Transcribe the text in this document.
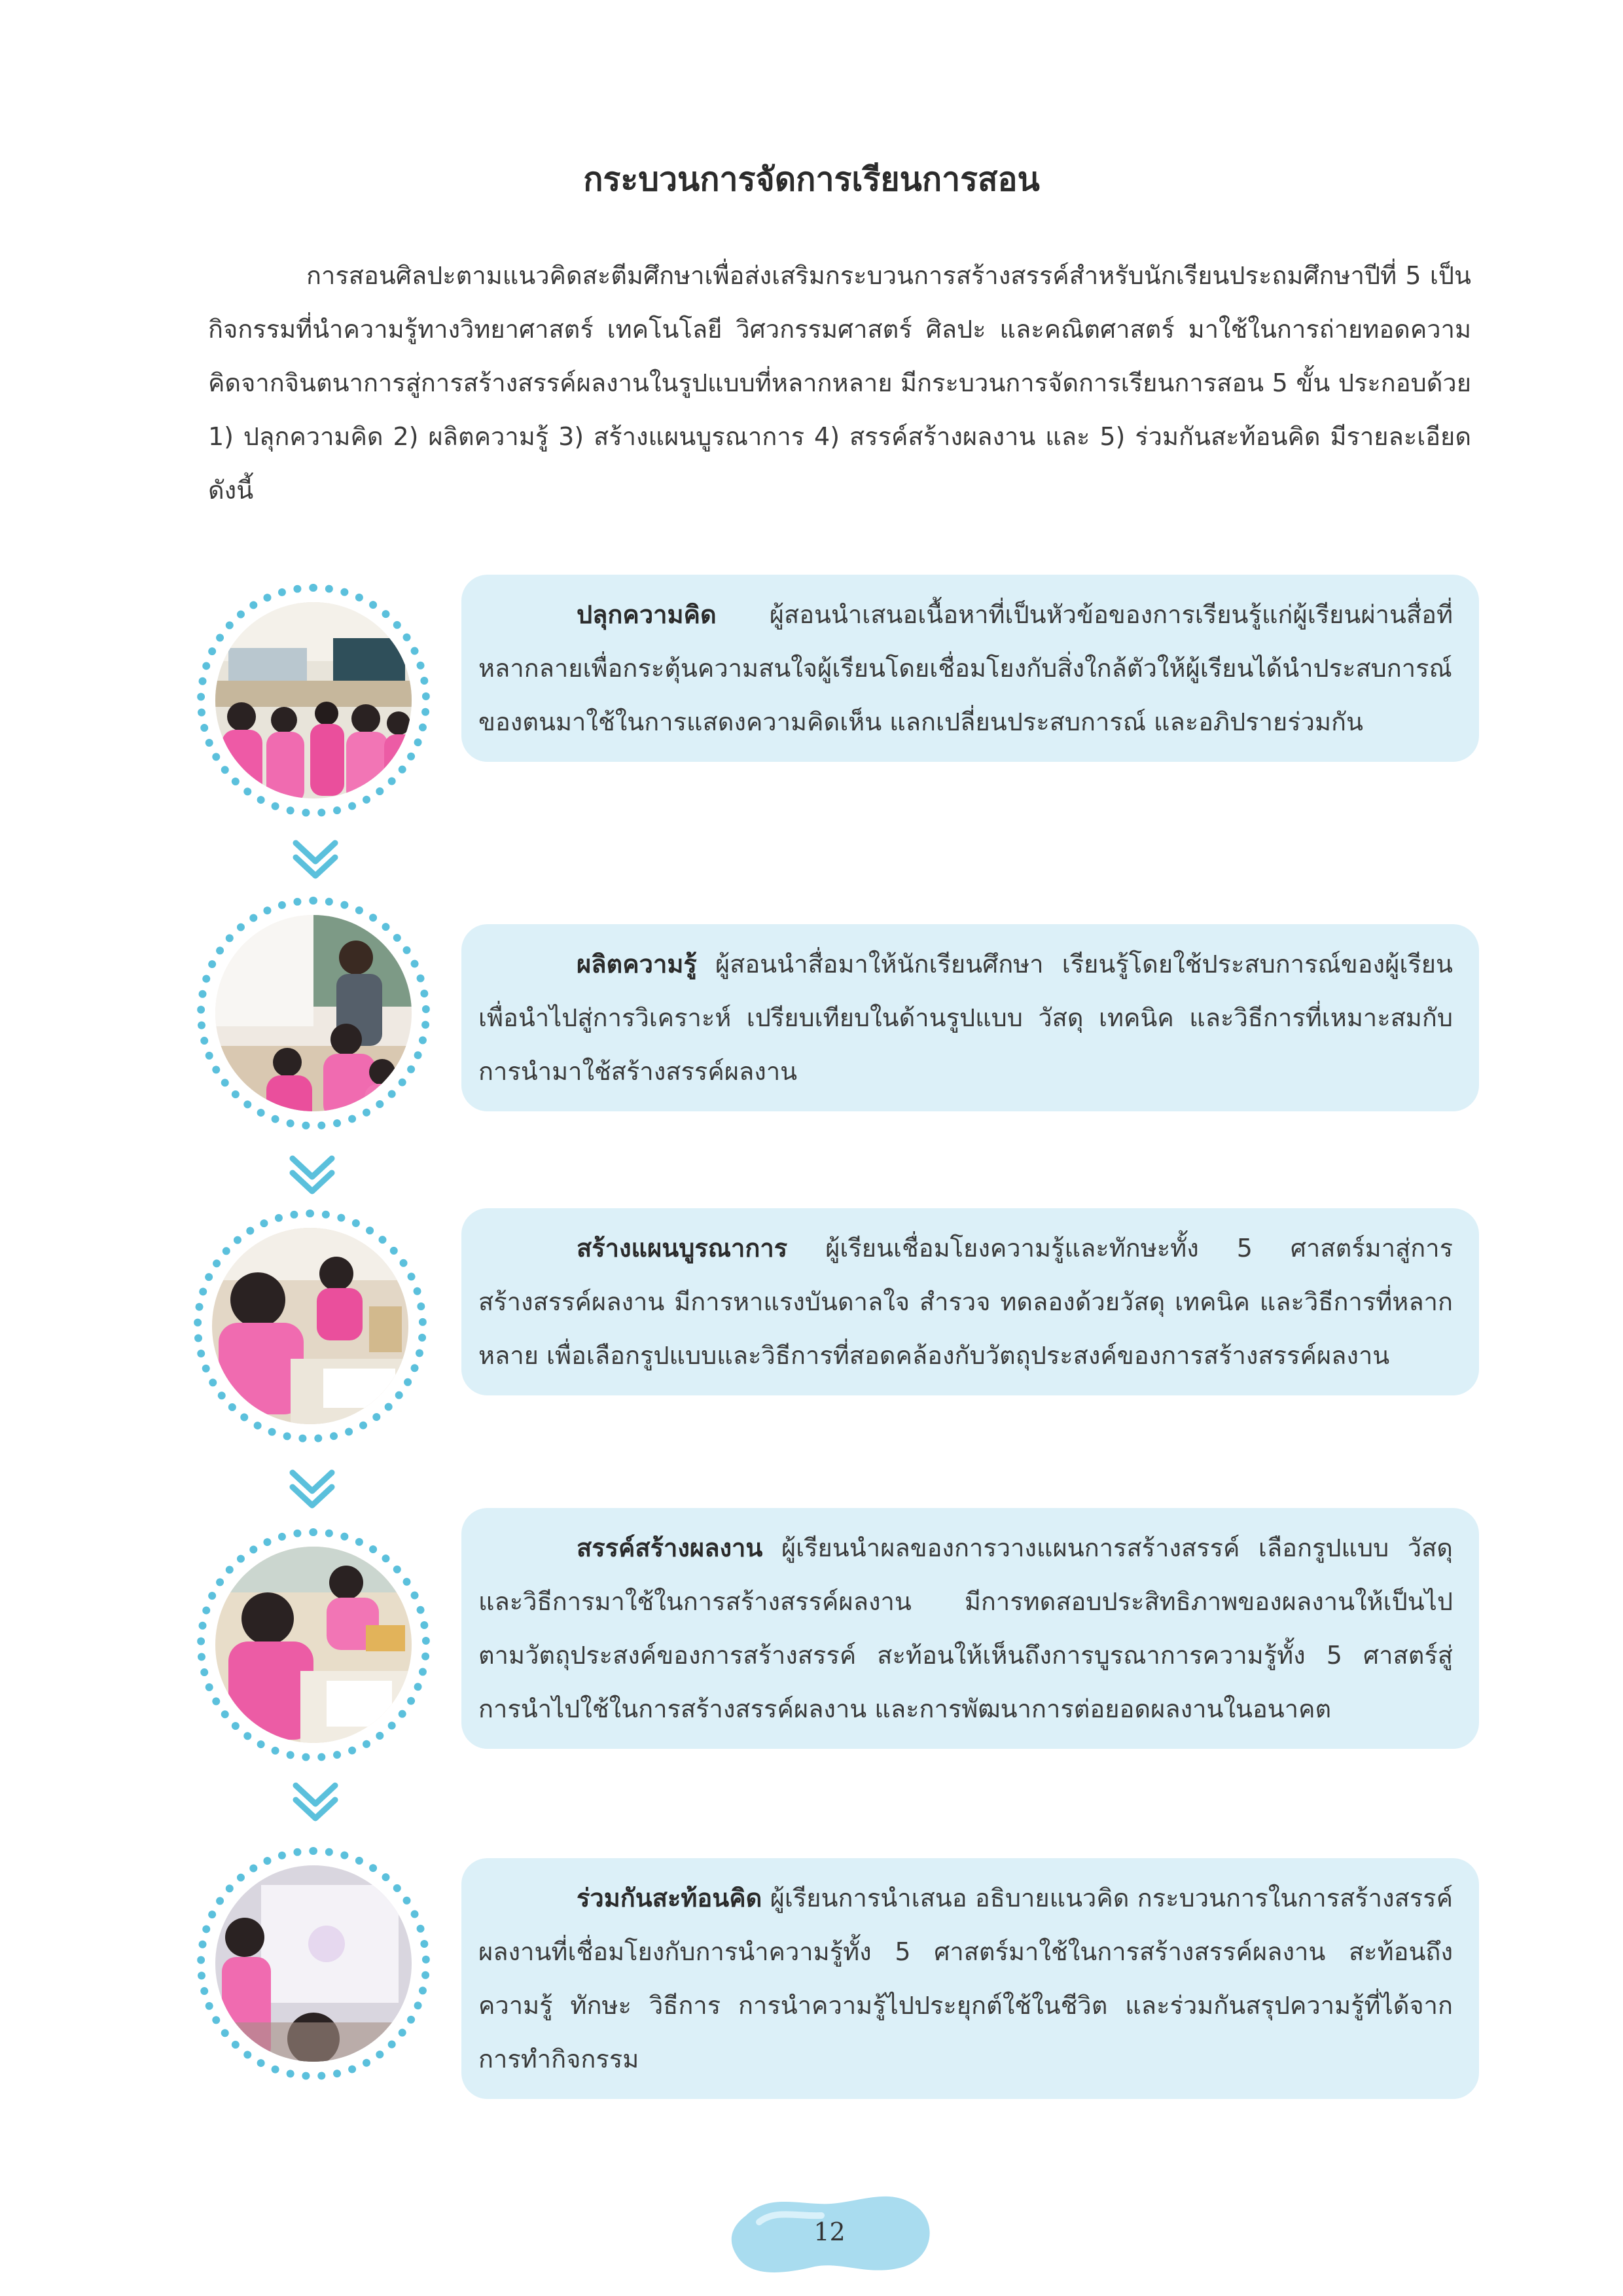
กระบวนการจัดการเรียนการสอน

การสอนศิลปะตามแนวคิดสะตีมศึกษาเพื่อส่งเสริมกระบวนการสร้างสรรค์สำหรับนักเรียนประถมศึกษาปีที่ 5 เป็นกิจกรรมที่นำความรู้ทางวิทยาศาสตร์ เทคโนโลยี วิศวกรรมศาสตร์ ศิลปะ และคณิตศาสตร์ มาใช้ในการถ่ายทอดความคิดจากจินตนาการสู่การสร้างสรรค์ผลงานในรูปแบบที่หลากหลาย มีกระบวนการจัดการเรียนการสอน 5 ขั้น ประกอบด้วย 1) ปลุกความคิด 2) ผลิตความรู้ 3) สร้างแผนบูรณาการ 4) สรรค์สร้างผลงาน และ 5) ร่วมกันสะท้อนคิด มีรายละเอียดดังนี้

ปลุกความคิด ผู้สอนนำเสนอเนื้อหาที่เป็นหัวข้อของการเรียนรู้แก่ผู้เรียนผ่านสื่อที่หลากลายเพื่อกระตุ้นความสนใจผู้เรียนโดยเชื่อมโยงกับสิ่งใกล้ตัวให้ผู้เรียนได้นำประสบการณ์ของตนมาใช้ในการแสดงความคิดเห็น แลกเปลี่ยนประสบการณ์ และอภิปรายร่วมกัน

ผลิตความรู้ ผู้สอนนำสื่อมาให้นักเรียนศึกษา เรียนรู้โดยใช้ประสบการณ์ของผู้เรียนเพื่อนำไปสู่การวิเคราะห์ เปรียบเทียบในด้านรูปแบบ วัสดุ เทคนิค และวิธีการที่เหมาะสมกับการนำมาใช้สร้างสรรค์ผลงาน

สร้างแผนบูรณาการ ผู้เรียนเชื่อมโยงความรู้และทักษะทั้ง 5 ศาสตร์มาสู่การสร้างสรรค์ผลงาน มีการหาแรงบันดาลใจ สำรวจ ทดลองด้วยวัสดุ เทคนิค และวิธีการที่หลากหลาย เพื่อเลือกรูปแบบและวิธีการที่สอดคล้องกับวัตถุประสงค์ของการสร้างสรรค์ผลงาน

สรรค์สร้างผลงาน ผู้เรียนนำผลของการวางแผนการสร้างสรรค์ เลือกรูปแบบ วัสดุ และวิธีการมาใช้ในการสร้างสรรค์ผลงาน มีการทดสอบประสิทธิภาพของผลงานให้เป็นไปตามวัตถุประสงค์ของการสร้างสรรค์ สะท้อนให้เห็นถึงการบูรณาการความรู้ทั้ง 5 ศาสตร์สู่การนำไปใช้ในการสร้างสรรค์ผลงาน และการพัฒนาการต่อยอดผลงานในอนาคต

ร่วมกันสะท้อนคิด ผู้เรียนการนำเสนอ อธิบายแนวคิด กระบวนการในการสร้างสรรค์ผลงานที่เชื่อมโยงกับการนำความรู้ทั้ง 5 ศาสตร์มาใช้ในการสร้างสรรค์ผลงาน สะท้อนถึงความรู้ ทักษะ วิธีการ การนำความรู้ไปประยุกต์ใช้ในชีวิต และร่วมกันสรุปความรู้ที่ได้จากการทำกิจกรรม

12
